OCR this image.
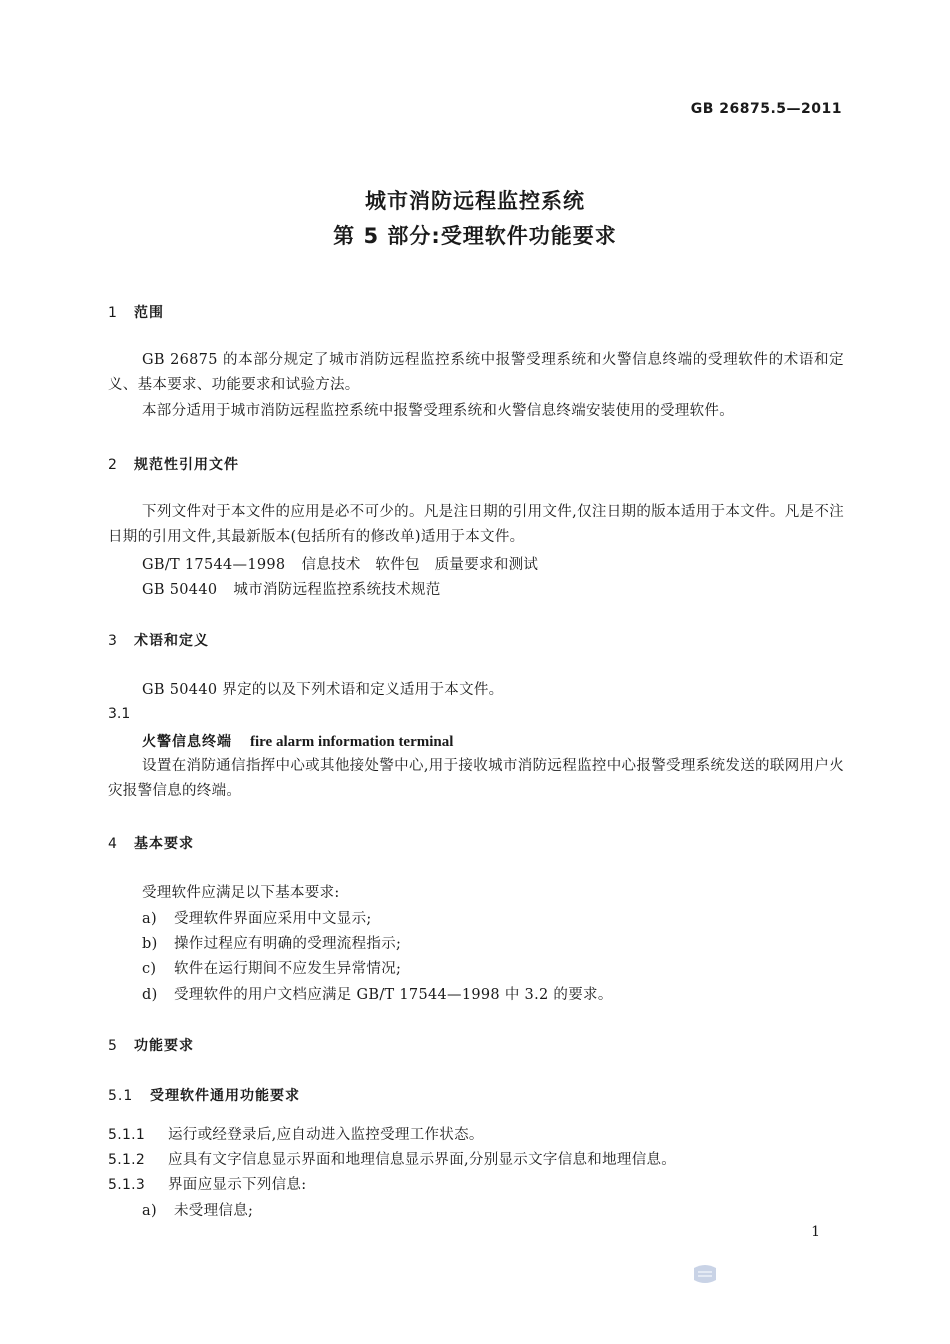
GB 26875.5—2011
城市消防远程监控系统
第 5 部分:受理软件功能要求
1 范围
GB 26875 的本部分规定了城市消防远程监控系统中报警受理系统和火警信息终端的受理软件的术语和定义、基本要求、功能要求和试验方法。
本部分适用于城市消防远程监控系统中报警受理系统和火警信息终端安装使用的受理软件。
2 规范性引用文件
下列文件对于本文件的应用是必不可少的。凡是注日期的引用文件,仅注日期的版本适用于本文件。凡是不注日期的引用文件,其最新版本(包括所有的修改单)适用于本文件。
GB/T 17544—1998 信息技术　软件包　质量要求和测试
GB 50440 城市消防远程监控系统技术规范
3 术语和定义
GB 50440 界定的以及下列术语和定义适用于本文件。
3.1
火警信息终端 fire alarm information terminal
设置在消防通信指挥中心或其他接处警中心,用于接收城市消防远程监控中心报警受理系统发送的联网用户火灾报警信息的终端。
4 基本要求
受理软件应满足以下基本要求:
a) 受理软件界面应采用中文显示;
b) 操作过程应有明确的受理流程指示;
c) 软件在运行期间不应发生异常情况;
d) 受理软件的用户文档应满足 GB/T 17544—1998 中 3.2 的要求。
5 功能要求
5.1 受理软件通用功能要求
5.1.1 运行或经登录后,应自动进入监控受理工作状态。
5.1.2 应具有文字信息显示界面和地理信息显示界面,分别显示文字信息和地理信息。
5.1.3 界面应显示下列信息:
a) 未受理信息;
1
